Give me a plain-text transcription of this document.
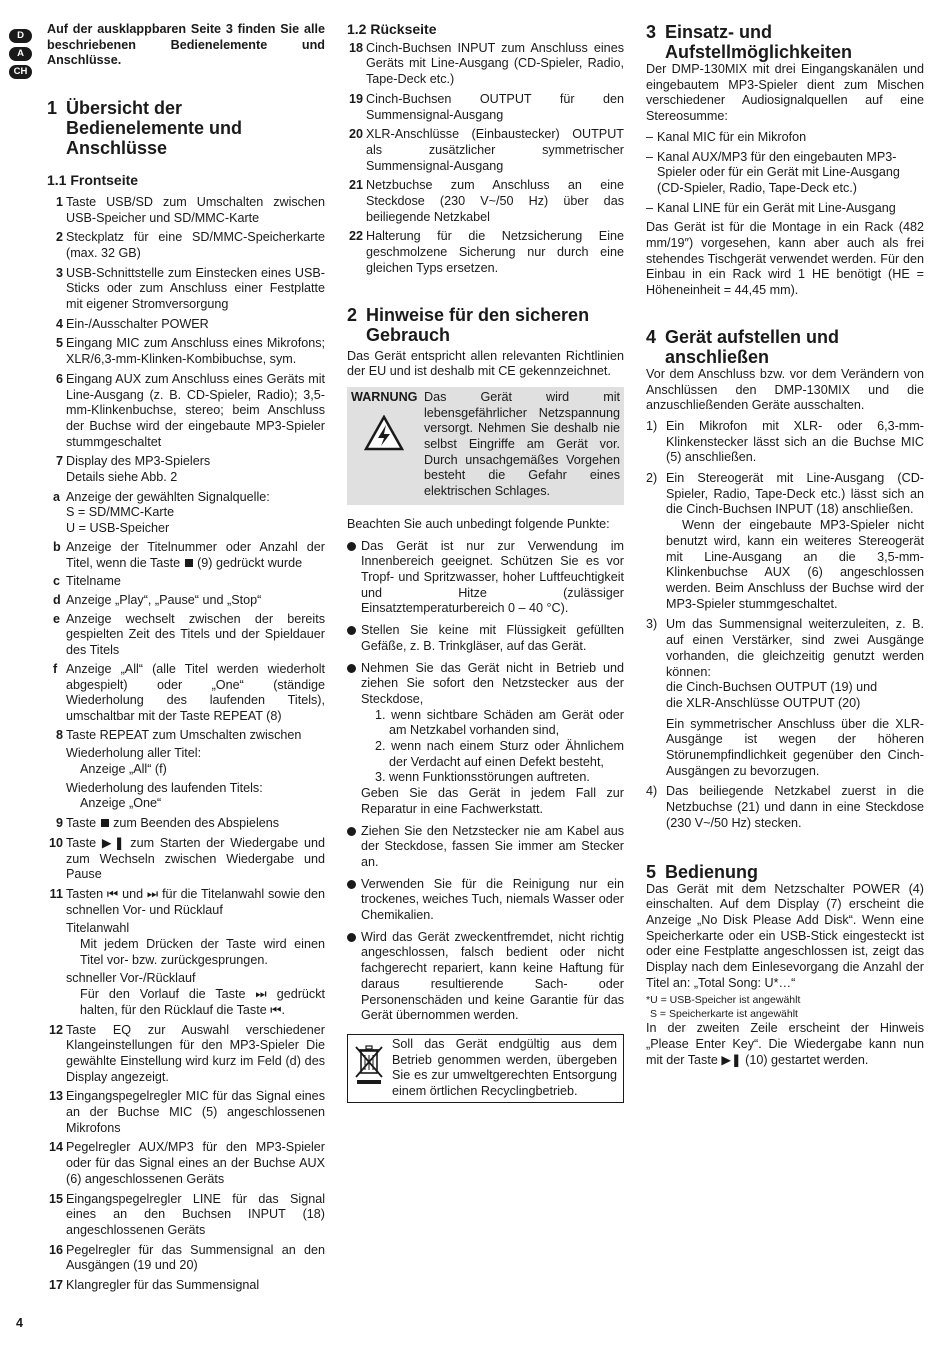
D
A
CH

Auf der ausklappbaren Seite 3 finden Sie alle beschriebenen Bedienelemente und Anschlüsse.

1 Übersicht der Bedienelemente und Anschlüsse
1.1 Frontseite
1 Taste USB/SD zum Umschalten zwischen USB-Speicher und SD/MMC-Karte
2 Steckplatz für eine SD/MMC-Speicherkarte (max. 32 GB)
3 USB-Schnittstelle zum Einstecken eines USB-Sticks oder zum Anschluss einer Festplatte mit eigener Stromversorgung
4 Ein-/Ausschalter POWER
5 Eingang MIC zum Anschluss eines Mikrofons; XLR/6,3-mm-Klinken-Kombibuchse, sym.
6 Eingang AUX zum Anschluss eines Geräts mit Line-Ausgang (z. B. CD-Spieler, Radio); 3,5-mm-Klinkenbuchse, stereo; beim Anschluss der Buchse wird der eingebaute MP3-Spieler stummgeschaltet
7 Display des MP3-Spielers
Details siehe Abb. 2
a Anzeige der gewählten Signalquelle:
S = SD/MMC-Karte
U = USB-Speicher
b Anzeige der Titelnummer oder Anzahl der Titel, wenn die Taste (9) gedrückt wurde
c Titelname
d Anzeige „Play“, „Pause“ und „Stop“
e Anzeige wechselt zwischen der bereits gespielten Zeit des Titels und der Spieldauer des Titels
f Anzeige „All“ (alle Titel werden wiederholt abgespielt) oder „One“ (ständige Wiederholung des laufenden Titels), umschaltbar mit der Taste REPEAT (8)
8 Taste REPEAT zum Umschalten zwischen
Wiederholung aller Titel:
Anzeige „All“ (f)
Wiederholung des laufenden Titels:
Anzeige „One“
9 Taste zum Beenden des Abspielens
10 Taste ▶❚ zum Starten der Wiedergabe und zum Wechseln zwischen Wiedergabe und Pause
11 Tasten ⏮ und ⏭ für die Titelanwahl sowie den schnellen Vor- und Rücklauf
Titelanwahl
Mit jedem Drücken der Taste wird einen Titel vor- bzw. zurückgesprungen.
schneller Vor-/Rücklauf
Für den Vorlauf die Taste ⏭ gedrückt halten, für den Rücklauf die Taste ⏮.
12 Taste EQ zur Auswahl verschiedener Klangeinstellungen für den MP3-Spieler Die gewählte Einstellung wird kurz im Feld (d) des Display angezeigt.
13 Eingangspegelregler MIC für das Signal eines an der Buchse MIC (5) angeschlossenen Mikrofons
14 Pegelregler AUX/MP3 für den MP3-Spieler oder für das Signal eines an der Buchse AUX (6) angeschlossenen Geräts
15 Eingangspegelregler LINE für das Signal eines an den Buchsen INPUT (18) angeschlossenen Geräts
16 Pegelregler für das Summensignal an den Ausgängen (19 und 20)
17 Klangregler für das Summensignal
1.2 Rückseite
18 Cinch-Buchsen INPUT zum Anschluss eines Geräts mit Line-Ausgang (CD-Spieler, Radio, Tape-Deck etc.)
19 Cinch-Buchsen OUTPUT für den Summensignal-Ausgang
20 XLR-Anschlüsse (Einbaustecker) OUTPUT als zusätzlicher symmetrischer Summensignal-Ausgang
21 Netzbuchse zum Anschluss an eine Steckdose (230 V~/50 Hz) über das beiliegende Netzkabel
22 Halterung für die Netzsicherung Eine geschmolzene Sicherung nur durch eine gleichen Typs ersetzen.
2 Hinweise für den sicheren Gebrauch

Das Gerät entspricht allen relevanten Richtlinien der EU und ist deshalb mit CE gekennzeichnet.

WARNUNG Das Gerät wird mit lebensgefährlicher Netzspannung versorgt. Nehmen Sie deshalb nie selbst Eingriffe am Gerät vor. Durch unsachgemäßes Vorgehen besteht die Gefahr eines elektrischen Schlages.

Beachten Sie auch unbedingt folgende Punkte:

Das Gerät ist nur zur Verwendung im Innenbereich geeignet. Schützen Sie es vor Tropf- und Spritzwasser, hoher Luftfeuchtigkeit und Hitze (zulässiger Einsatztemperaturbereich 0 – 40 °C).
Stellen Sie keine mit Flüssigkeit gefüllten Gefäße, z. B. Trinkgläser, auf das Gerät.
Nehmen Sie das Gerät nicht in Betrieb und ziehen Sie sofort den Netzstecker aus der Steckdose,
1. wenn sichtbare Schäden am Gerät oder am Netzkabel vorhanden sind,
2. wenn nach einem Sturz oder Ähnlichem der Verdacht auf einen Defekt besteht,
3. wenn Funktionsstörungen auftreten.
Geben Sie das Gerät in jedem Fall zur Reparatur in eine Fachwerkstatt.
Ziehen Sie den Netzstecker nie am Kabel aus der Steckdose, fassen Sie immer am Stecker an.
Verwenden Sie für die Reinigung nur ein trockenes, weiches Tuch, niemals Wasser oder Chemikalien.
Wird das Gerät zweckentfremdet, nicht richtig angeschlossen, falsch bedient oder nicht fachgerecht repariert, kann keine Haftung für daraus resultierende Sach- oder Personenschäden und keine Garantie für das Gerät übernommen werden.
Soll das Gerät endgültig aus dem Betrieb genommen werden, übergeben Sie es zur umweltgerechten Entsorgung einem örtlichen Recyclingbetrieb.
3 Einsatz- und Aufstellmöglichkeiten

Der DMP-130MIX mit drei Eingangskanälen und eingebautem MP3-Spieler dient zum Mischen verschiedener Audiosignalquellen auf eine Stereosumme:

– Kanal MIC für ein Mikrofon
– Kanal AUX/MP3 für den eingebauten MP3-Spieler oder für ein Gerät mit Line-Ausgang (CD-Spieler, Radio, Tape-Deck etc.)
– Kanal LINE für ein Gerät mit Line-Ausgang

Das Gerät ist für die Montage in ein Rack (482 mm/19″) vorgesehen, kann aber auch als frei stehendes Tischgerät verwendet werden. Für den Einbau in ein Rack wird 1 HE benötigt (HE = Höheneinheit = 44,45 mm).

4 Gerät aufstellen und anschließen

Vor dem Anschluss bzw. vor dem Verändern von Anschlüssen den DMP-130MIX und die anzuschließenden Geräte ausschalten.

1) Ein Mikrofon mit XLR- oder 6,3-mm-Klinkenstecker lässt sich an die Buchse MIC (5) anschließen.
2) Ein Stereogerät mit Line-Ausgang (CD-Spieler, Radio, Tape-Deck etc.) lässt sich an die Cinch-Buchsen INPUT (18) anschließen.
Wenn der eingebaute MP3-Spieler nicht benutzt wird, kann ein weiteres Stereogerät mit Line-Ausgang an die 3,5-mm-Klinkenbuchse AUX (6) angeschlossen werden. Beim Anschluss der Buchse wird der MP3-Spieler stummgeschaltet.
3) Um das Summensignal weiterzuleiten, z. B. auf einen Verstärker, sind zwei Ausgänge vorhanden, die gleichzeitig genutzt werden können:
die Cinch-Buchsen OUTPUT (19) und
die XLR-Anschlüsse OUTPUT (20)
Ein symmetrischer Anschluss über die XLR-Ausgänge ist wegen der höheren Störunempfindlichkeit gegenüber den Cinch-Ausgängen zu bevorzugen.
4) Das beiliegende Netzkabel zuerst in die Netzbuchse (21) und dann in eine Steckdose (230 V~/50 Hz) stecken.
5 Bedienung

Das Gerät mit dem Netzschalter POWER (4) einschalten. Auf dem Display (7) erscheint die Anzeige „No Disk Please Add Disk“. Wenn eine Speicherkarte oder ein USB-Stick eingesteckt ist oder eine Festplatte angeschlossen ist, zeigt das Display nach dem Einlesevorgang die Anzahl der Titel an: „Total Song: U*…“

*U = USB-Speicher ist angewählt
S = Speicherkarte ist angewählt

In der zweiten Zeile erscheint der Hinweis „Please Enter Key“. Die Wiedergabe kann nun mit der Taste ▶❚ (10) gestartet werden.

4
